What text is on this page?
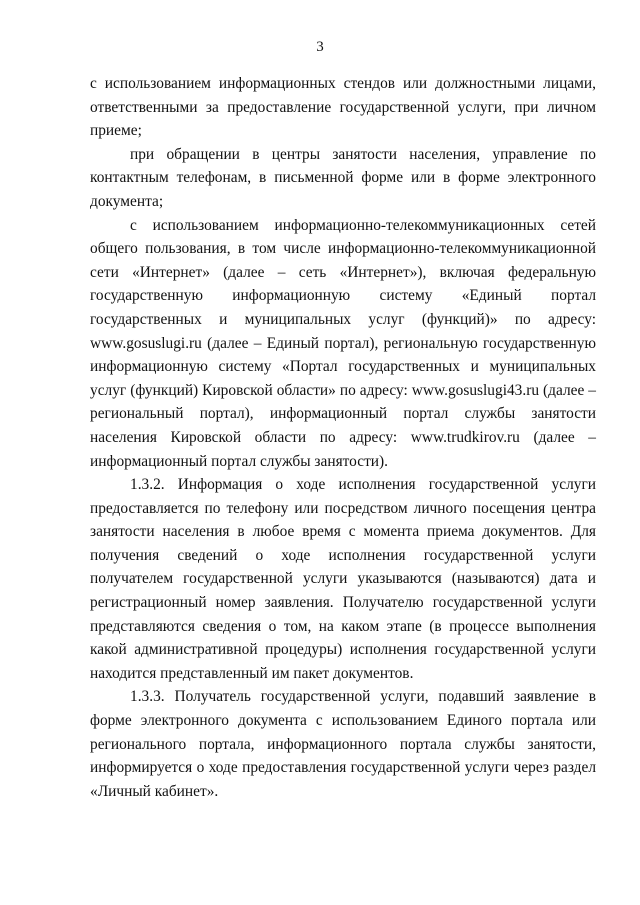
3

с использованием информационных стендов или должностными лицами, ответственными за предоставление государственной услуги, при личном приеме;

при обращении в центры занятости населения, управление по контактным телефонам, в письменной форме или в форме электронного документа;

с использованием информационно-телекоммуникационных сетей общего пользования, в том числе информационно-телекоммуникационной сети «Интернет» (далее – сеть «Интернет»), включая федеральную государственную информационную систему «Единый портал государственных и муниципальных услуг (функций)» по адресу: www.gosuslugi.ru (далее – Единый портал), региональную государственную информационную систему «Портал государственных и муниципальных услуг (функций) Кировской области» по адресу: www.gosuslugi43.ru (далее – региональный портал), информационный портал службы занятости населения Кировской области по адресу: www.trudkirov.ru (далее – информационный портал службы занятости).

1.3.2. Информация о ходе исполнения государственной услуги предоставляется по телефону или посредством личного посещения центра занятости населения в любое время с момента приема документов. Для получения сведений о ходе исполнения государственной услуги получателем государственной услуги указываются (называются) дата и регистрационный номер заявления. Получателю государственной услуги представляются сведения о том, на каком этапе (в процессе выполнения какой административной процедуры) исполнения государственной услуги находится представленный им пакет документов.

1.3.3. Получатель государственной услуги, подавший заявление в форме электронного документа с использованием Единого портала или регионального портала, информационного портала службы занятости, информируется о ходе предоставления государственной услуги через раздел «Личный кабинет».
